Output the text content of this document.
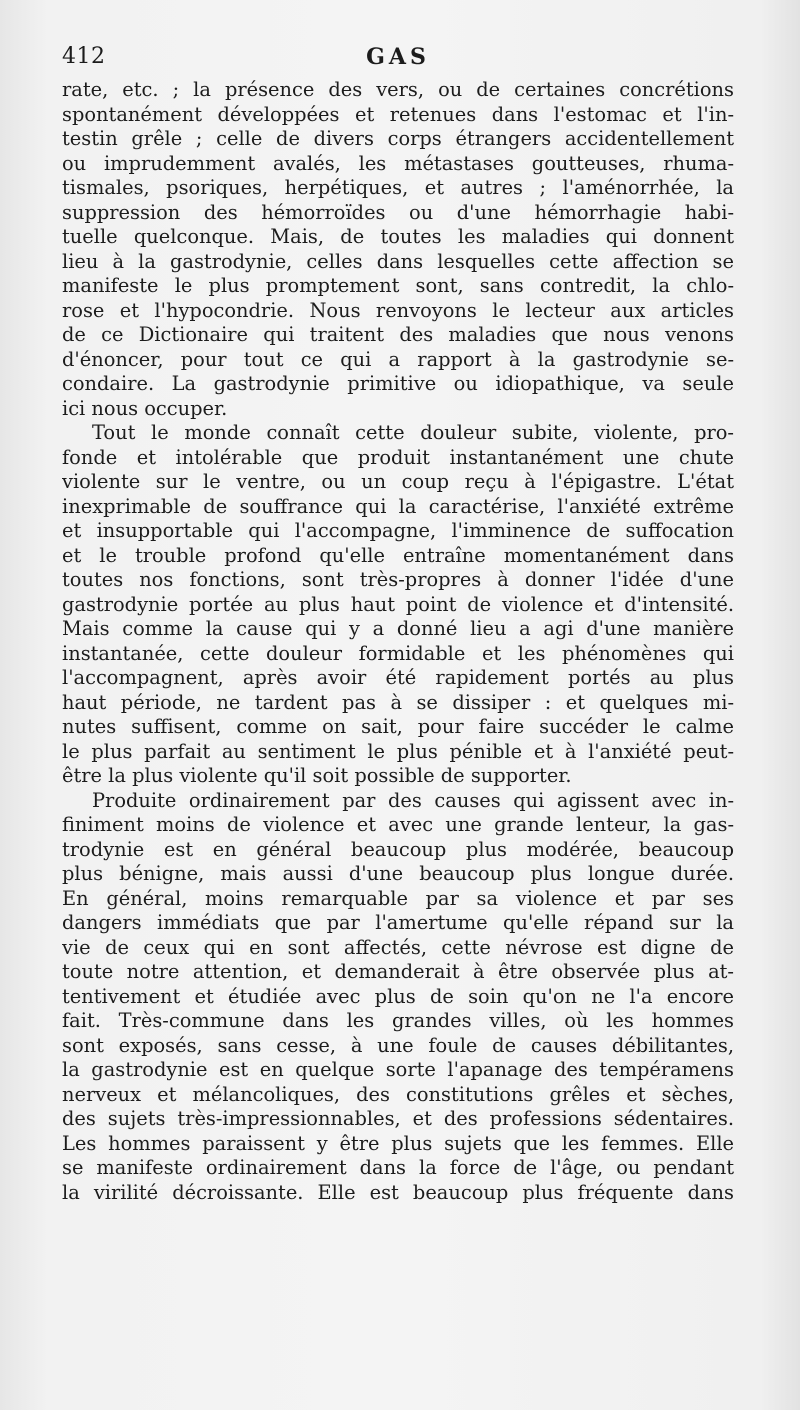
412	GAS
rate, etc. ; la présence des vers, ou de certaines concrétions
spontanément développées et retenues dans l'estomac et l'in-
testin grêle ; celle de divers corps étrangers accidentellement
ou imprudemment avalés, les métastases goutteuses, rhuma-
tismales, psoriques, herpétiques, et autres ; l'aménorrhée, la
suppression des hémorroïdes ou d'une hémorrhagie habi-
tuelle quelconque. Mais, de toutes les maladies qui donnent
lieu à la gastrodynie, celles dans lesquelles cette affection se
manifeste le plus promptement sont, sans contredit, la chlo-
rose et l'hypocondrie. Nous renvoyons le lecteur aux articles
de ce Dictionaire qui traitent des maladies que nous venons
d'énoncer, pour tout ce qui a rapport à la gastrodynie se-
condaire. La gastrodynie primitive ou idiopathique, va seule
ici nous occuper.
Tout le monde connaît cette douleur subite, violente, pro-
fonde et intolérable que produit instantanément une chute
violente sur le ventre, ou un coup reçu à l'épigastre. L'état
inexprimable de souffrance qui la caractérise, l'anxiété extrême
et insupportable qui l'accompagne, l'imminence de suffocation
et le trouble profond qu'elle entraîne momentanément dans
toutes nos fonctions, sont très-propres à donner l'idée d'une
gastrodynie portée au plus haut point de violence et d'intensité.
Mais comme la cause qui y a donné lieu a agi d'une manière
instantanée, cette douleur formidable et les phénomènes qui
l'accompagnent, après avoir été rapidement portés au plus
haut période, ne tardent pas à se dissiper : et quelques mi-
nutes suffisent, comme on sait, pour faire succéder le calme
le plus parfait au sentiment le plus pénible et à l'anxiété peut-
être la plus violente qu'il soit possible de supporter.
Produite ordinairement par des causes qui agissent avec in-
finiment moins de violence et avec une grande lenteur, la gas-
trodynie est en général beaucoup plus modérée, beaucoup
plus bénigne, mais aussi d'une beaucoup plus longue durée.
En général, moins remarquable par sa violence et par ses
dangers immédiats que par l'amertume qu'elle répand sur la
vie de ceux qui en sont affectés, cette névrose est digne de
toute notre attention, et demanderait à être observée plus at-
tentivement et étudiée avec plus de soin qu'on ne l'a encore
fait. Très-commune dans les grandes villes, où les hommes
sont exposés, sans cesse, à une foule de causes débilitantes,
la gastrodynie est en quelque sorte l'apanage des tempéramens
nerveux et mélancoliques, des constitutions grêles et sèches,
des sujets très-impressionnables, et des professions sédentaires.
Les hommes paraissent y être plus sujets que les femmes. Elle
se manifeste ordinairement dans la force de l'âge, ou pendant
la virilité décroissante. Elle est beaucoup plus fréquente dans
